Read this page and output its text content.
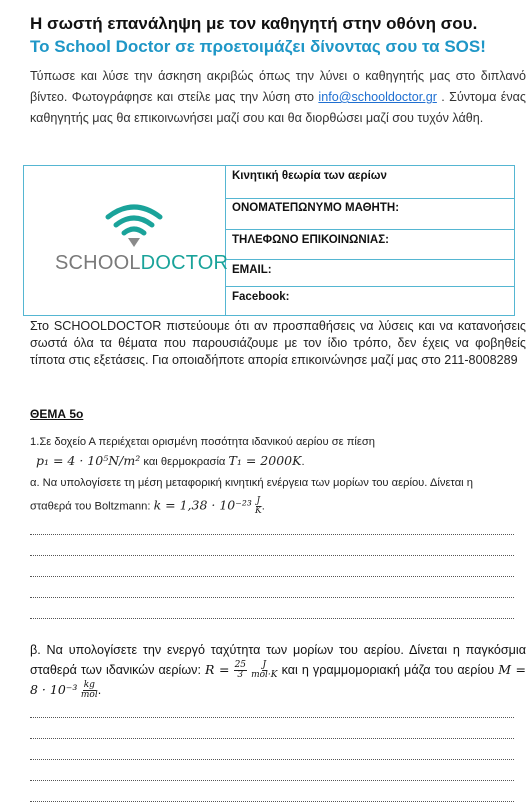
Η σωστή επανάληψη με τον καθηγητή στην οθόνη σου.
Το School Doctor σε προετοιμάζει δίνοντας σου τα SOS!
Τύπωσε και λύσε την άσκηση ακριβώς όπως την λύνει ο καθηγητής μας στο διπλανό βίντεο. Φωτογράφησε και στείλε μας την λύση στο info@schooldoctor.gr . Σύντομα ένας καθηγητής μας θα επικοινωνήσει μαζί σου και θα διορθώσει μαζί σου τυχόν λάθη.
SCHOOLDOCTOR
Κινητική θεωρία των αερίων
ΟΝΟΜΑΤΕΠΩΝΥΜΟ ΜΑΘΗΤΗ:
ΤΗΛΕΦΩΝΟ ΕΠΙΚΟΙΝΩΝΙΑΣ:
EMAIL:
Facebook:
Στο SCHOOLDOCTOR πιστεύουμε ότι αν προσπαθήσεις να λύσεις και να κατανοήσεις σωστά όλα τα θέματα που παρουσιάζουμε με τον ίδιο τρόπο, δεν έχεις να φοβηθείς τίποτα στις εξετάσεις. Για οποιαδήποτε απορία επικοινώνησε μαζί μας στο 211-8008289
ΘΕΜΑ 5ο
1.Σε δοχείο Α περιέχεται ορισμένη ποσότητα ιδανικού αερίου σε πίεση
p₁ = 4 · 10⁵N/m² και θερμοκρασία T₁ = 2000K.
α. Να υπολογίσετε τη μέση μεταφορική κινητική ενέργεια των μορίων του αερίου. Δίνεται η
σταθερά του Boltzmann: $k = 1,38 \cdot 10^{-23} \frac{J}{K}$ .
β. Να υπολογίσετε την ενεργό ταχύτητα των μορίων του αερίου. Δίνεται η παγκόσμια σταθερά των ιδανικών αερίων: $R = \frac{25}{3}$
$\frac{J}{\text{mol·K}}$ και η γραμμομοριακή μάζα του αερίου $M = 8 \cdot 10^{-3} \frac{kg}{\text{mol}}$ .
